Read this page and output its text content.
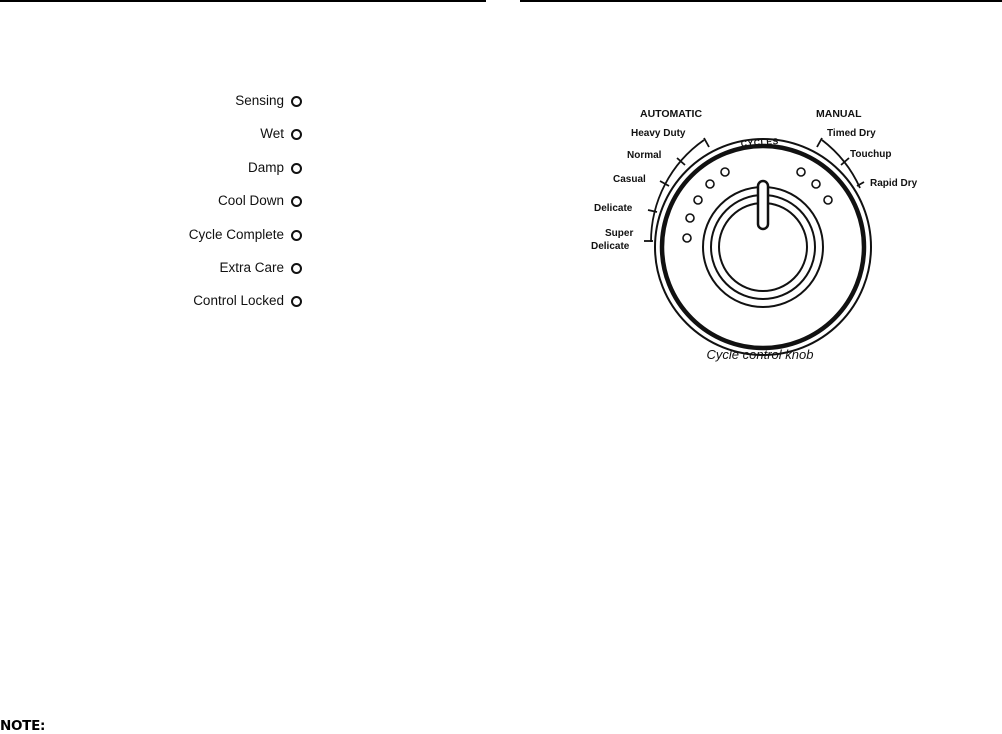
Sensing
Wet
Damp
Cool Down
Cycle Complete
Extra Care
Control Locked
AUTOMATIC	MANUAL
CYCLES
Heavy Duty
Normal
Casual
Delicate
Super
Delicate
Timed Dry
Touchup
Rapid Dry
Cycle control knob
NOTE:
